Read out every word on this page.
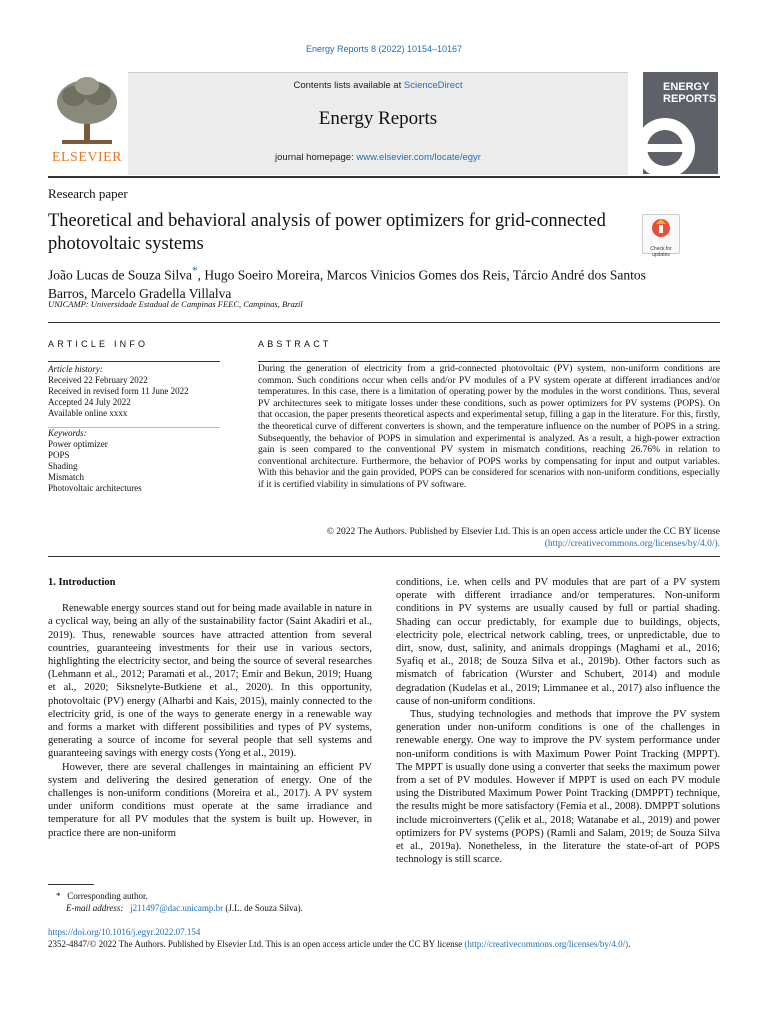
Energy Reports 8 (2022) 10154–10167
ELSEVIER
Contents lists available at ScienceDirect
Energy Reports
journal homepage: www.elsevier.com/locate/egyr
ENERGY
REPORTS
Research paper
Theoretical and behavioral analysis of power optimizers for grid-connected photovoltaic systems	Check for updates
João Lucas de Souza Silva*, Hugo Soeiro Moreira, Marcos Vinicios Gomes dos Reis, Tárcio André dos Santos Barros, Marcelo Gradella Villalva
UNICAMP: Universidade Estadual de Campinas FEEC, Campinas, Brazil
ARTICLE INFO	ABSTRACT
Article history:
Received 22 February 2022
Received in revised form 11 June 2022
Accepted 24 July 2022
Available online xxxx
Keywords:
Power optimizer
POPS
Shading
Mismatch
Photovoltaic architectures
During the generation of electricity from a grid-connected photovoltaic (PV) system, non-uniform conditions are common. Such conditions occur when cells and/or PV modules of a PV system operate at different irradiances and/or temperatures. In this case, there is a limitation of operating power by the modules in the worst conditions. Thus, several PV architectures seek to mitigate losses under these conditions, such as power optimizers for PV systems (POPS). On that occasion, the paper presents theoretical aspects and experimental setup, filling a gap in the literature. For this, firstly, the theoretical curve of different converters is shown, and the temperature influence on the number of POPS in a string. Subsequently, the behavior of POPS in simulation and experimental is analyzed. As a result, a high-power extraction gain is seen compared to the conventional PV system in mismatch conditions, reaching 26.76% in relation to conventional architecture. Furthermore, the behavior of POPS works by compensating for input and output variables. With this behavior and the gain provided, POPS can be considered for scenarios with non-uniform conditions, especially if it is certified viability in simulations of PV software.
© 2022 The Authors. Published by Elsevier Ltd. This is an open access article under the CC BY license
(http://creativecommons.org/licenses/by/4.0/).
1. Introduction

Renewable energy sources stand out for being made available in nature in a cyclical way, being an ally of the sustainability factor (Saint Akadiri et al., 2019). Thus, renewable sources have attracted attention from several countries, guaranteeing investments for their use in various sectors, highlighting the electricity sector, and being the source of several researches (Lehmann et al., 2012; Paramati et al., 2017; Emir and Bekun, 2019; Huang et al., 2020; Siksnelyte-Butkiene et al., 2020). In this opportunity, photovoltaic (PV) energy (Alharbi and Kais, 2015), mainly connected to the electricity grid, is one of the ways to generate energy in a renewable way and forms a market with different possibilities and types of PV systems, generating a source of income for several people that sell systems and guaranteeing savings with energy costs (Yong et al., 2019).

However, there are several challenges in maintaining an efficient PV system and delivering the desired generation of energy. One of the challenges is non-uniform conditions (Moreira et al., 2017). A PV system under uniform conditions must operate at the same irradiance and temperature for all PV modules that the system is built up. However, in practice there are non-uniform

conditions, i.e. when cells and PV modules that are part of a PV system operate with different irradiance and/or temperatures. Non-uniform conditions in PV systems are usually caused by full or partial shading. Shading can occur predictably, for example due to buildings, objects, electricity pole, electrical network cabling, trees, or unpredictable, due to dirt, snow, dust, salinity, and animals droppings (Maghami et al., 2016; Syafiq et al., 2018; de Souza Silva et al., 2019b). Other factors such as mismatch of fabrication (Wurster and Schubert, 2014) and module degradation (Kudelas et al., 2019; Limmanee et al., 2017) also influence the cause of non-uniform conditions.

Thus, studying technologies and methods that improve the PV system generation under non-uniform conditions is one of the challenges in renewable energy. One way to improve the PV system performance under non-uniform conditions is with Maximum Power Point Tracking (MPPT). The MPPT is usually done using a converter that seeks the maximum power from a set of PV modules. However if MPPT is used on each PV module using the Distributed Maximum Power Point Tracking (DMPPT) technique, the results might be more satisfactory (Femia et al., 2008). DMPPT solutions include microinverters (Çelik et al., 2018; Watanabe et al., 2019) and power optimizers for PV systems (POPS) (Ramli and Salam, 2019; de Souza Silva et al., 2019a). Nonetheless, in the literature the state-of-art of POPS technology is still scarce.

* Corresponding author.
E-mail address: j211497@dac.unicamp.br (J.L. de Souza Silva).
https://doi.org/10.1016/j.egyr.2022.07.154
2352-4847/© 2022 The Authors. Published by Elsevier Ltd. This is an open access article under the CC BY license (http://creativecommons.org/licenses/by/4.0/).
